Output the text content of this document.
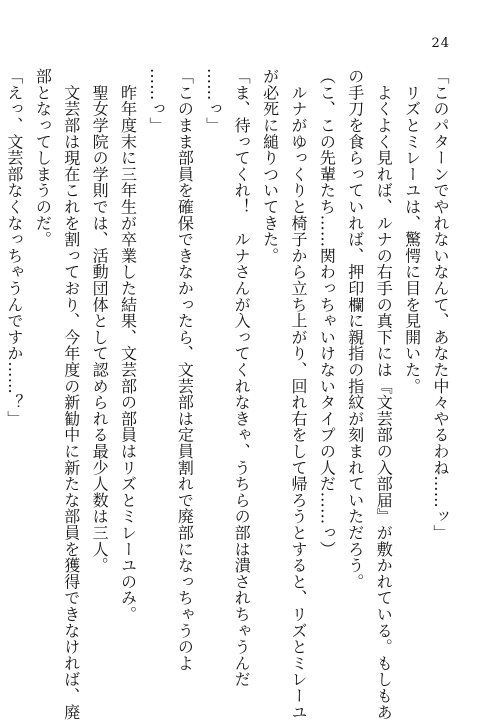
24

「このパターンでやれないなんて、あなた中々やるわね……ッ」

　リズとミレーユは、驚愕に目を見開いた。

　よくよく見れば、ルナの右手の真下には『文芸部の入部届』が敷かれている。もしもあ

の手刀を食らっていれば、押印欄に親指の指紋が刻まれていただろう。

（こ、この先輩たち……関わっちゃいけないタイプの人だ……っ）

　ルナがゆっくりと椅子から立ち上がり、回れ右をして帰ろうとすると、リズとミレーユ

が必死に縋りついてきた。

「ま、待ってくれ！　ルナさんが入ってくれなきゃ、うちらの部は潰されちゃうんだ

……っ」

「このまま部員を確保できなかったら、文芸部は定員割れで廃部になっちゃうのよ

……っ」

　昨年度末に三年生が卒業した結果、文芸部の部員はリズとミレーユのみ。

　聖女学院の学則では、活動団体として認められる最少人数は三人。

　文芸部は現在これを割っており、今年度の新勧中に新たな部員を獲得できなければ、廃

部となってしまうのだ。

「えっ、文芸部なくなっちゃうんですか……？」
